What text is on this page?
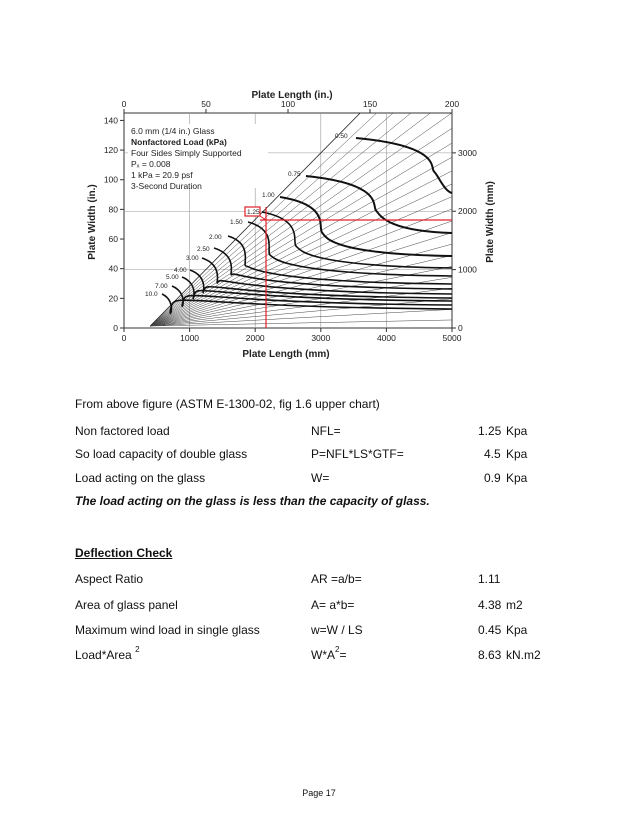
0	50	100	150	200
0	1000	2000	3000	4000	5000
0
20
40
60
80
100
120
140
0
1000
2000
3000
Plate Length (in.)
Plate Length (mm)
Plate Width (in.)	Plate Width (mm)
6.0 mm (1/4 in.) Glass
Nonfactored Load (kPa)
Four Sides Simply Supported
Pₓ = 0.008
1 kPa = 20.9 psf
3-Second Duration
0.50
0.75
1.00
1.50
2.00
2.50
3.00
4.00
5.00
7.00
10.0
1.25
From above figure (ASTM E-1300-02, fig 1.6 upper chart)
Non factored load	NFL=	1.25 Kpa
So load capacity of double glass	P=NFL*LS*GTF=	4.5 Kpa
Load acting on the glass	W=	0.9 Kpa
The load acting on the glass is less than the capacity of glass.
Deflection Check
Aspect Ratio	AR =a/b=	1.11
Area of glass panel	A= a*b=	4.38 m2
Maximum wind load in single glass	w=W / LS	0.45 Kpa
Load*Area $^2$	$W*A^2=$	8.63 kN.m2
Page 17
